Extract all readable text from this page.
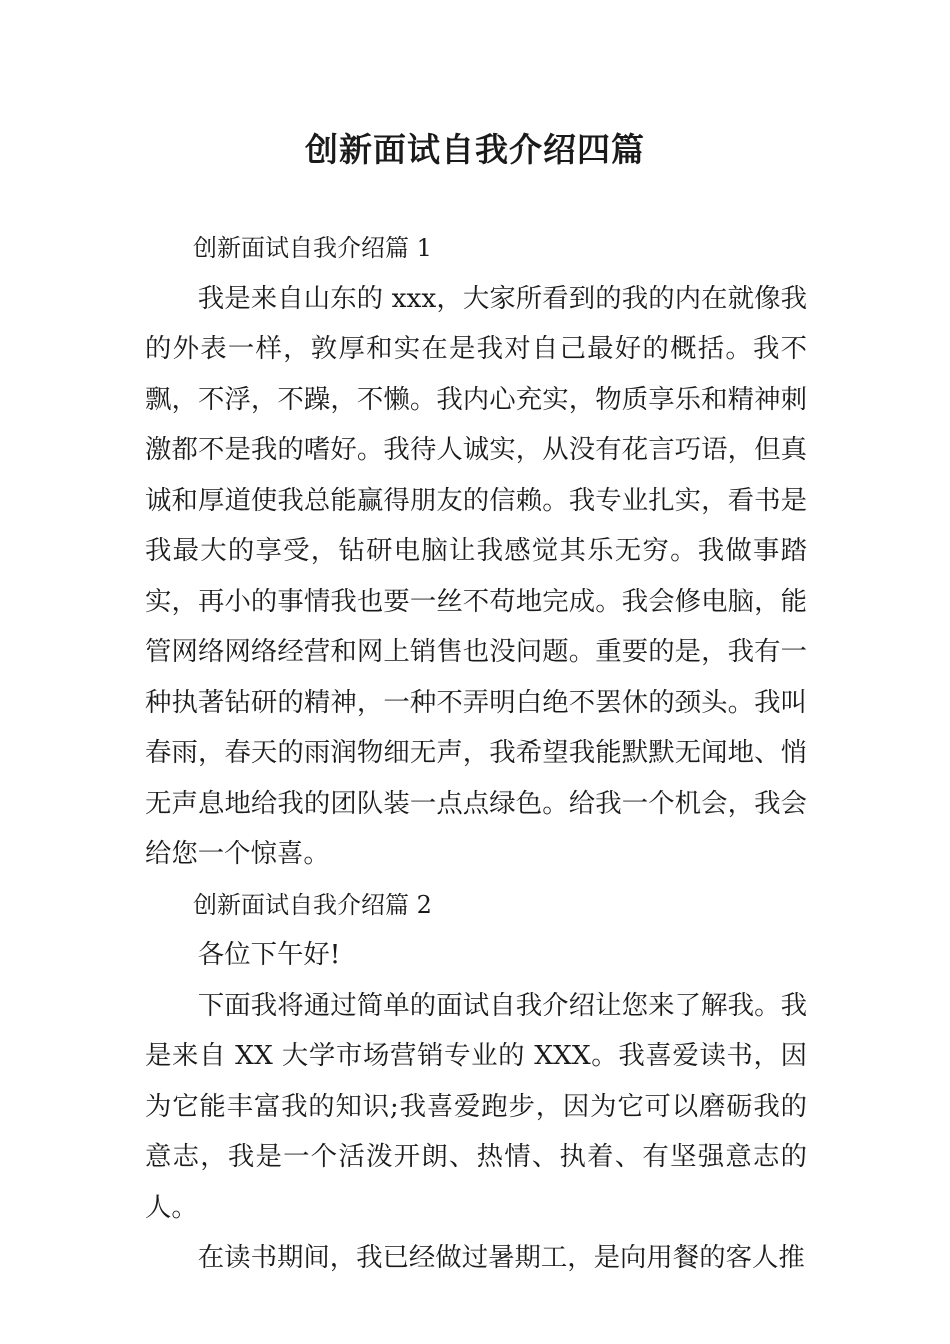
创新面试自我介绍四篇

创新面试自我介绍篇 1

我是来自山东的 xxx，大家所看到的我的内在就像我的外表一样，敦厚和实在是我对自己最好的概括。我不飘，不浮，不躁，不懒。我内心充实，物质享乐和精神刺激都不是我的嗜好。我待人诚实，从没有花言巧语，但真诚和厚道使我总能赢得朋友的信赖。我专业扎实，看书是我最大的享受，钻研电脑让我感觉其乐无穷。我做事踏实，再小的事情我也要一丝不苟地完成。我会修电脑，能管网络网络经营和网上销售也没问题。重要的是，我有一种执著钻研的精神，一种不弄明白绝不罢休的颈头。我叫春雨，春天的雨润物细无声，我希望我能默默无闻地、悄无声息地给我的团队装一点点绿色。给我一个机会，我会给您一个惊喜。

创新面试自我介绍篇 2

各位下午好!

下面我将通过简单的面试自我介绍让您来了解我。我是来自 XX 大学市场营销专业的 XXX。我喜爱读书，因为它能丰富我的知识;我喜爱跑步，因为它可以磨砺我的意志，我是一个活泼开朗、热情、执着、有坚强意志的人。

在读书期间，我已经做过暑期工，是向用餐的客人推
